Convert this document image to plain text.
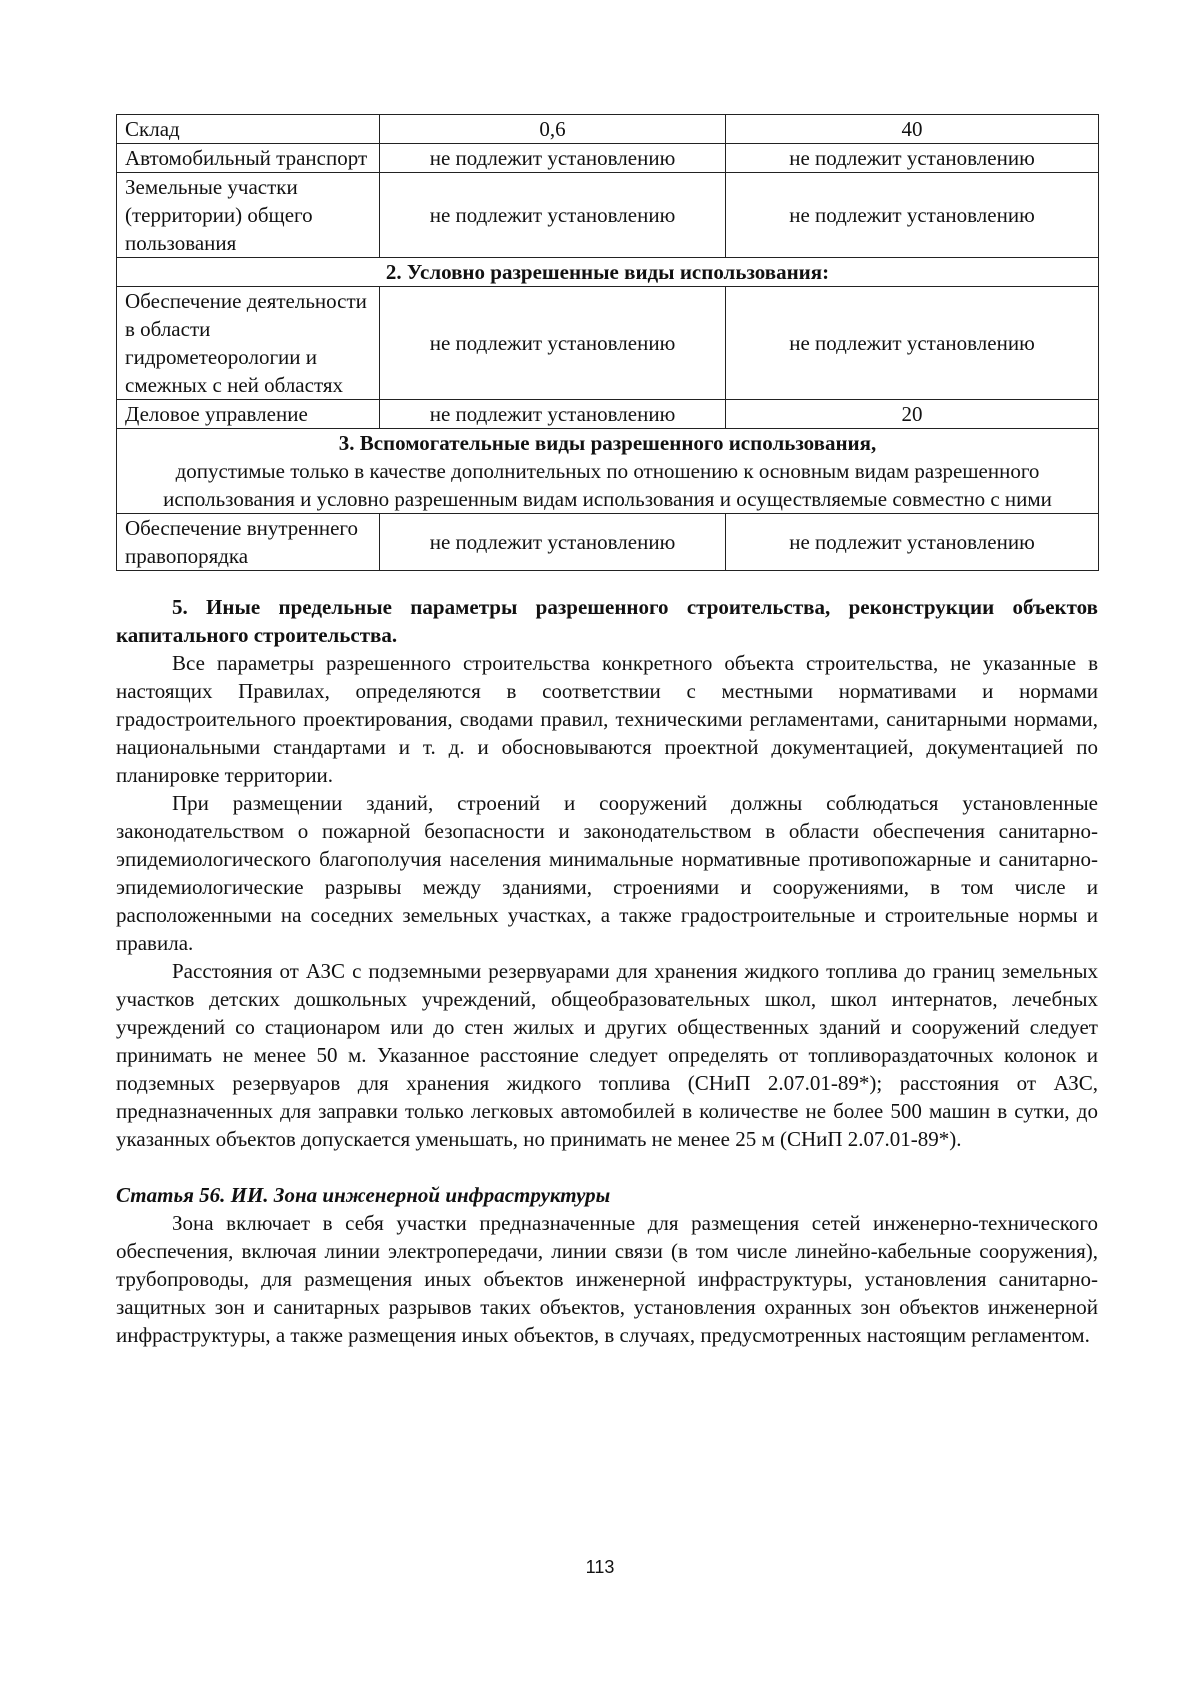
Склад	0,6	40
Автомобильный транспорт	не подлежит установлению	не подлежит установлению
Земельные участки (территории) общего пользования	не подлежит установлению	не подлежит установлению
2. Условно разрешенные виды использования:		
Обеспечение деятельности в области гидрометеорологии и смежных с ней областях	не подлежит установлению	не подлежит установлению
Деловое управление	не подлежит установлению	20

3. Вспомогательные виды разрешенного использования,
допустимые только в качестве дополнительных по отношению к основным видам разрешенного использования и условно разрешенным видам использования и осуществляемые совместно с ними		

Обеспечение внутреннего правопорядка	не подлежит установлению	не подлежит установлению
5. Иные предельные параметры разрешенного строительства, реконструкции объектов капитального строительства.

Все параметры разрешенного строительства конкретного объекта строительства, не указанные в настоящих Правилах, определяются в соответствии с местными нормативами и нормами градостроительного проектирования, сводами правил, техническими регламентами, санитарными нормами, национальными стандартами и т. д. и обосновываются проектной документацией, документацией по планировке территории.

При размещении зданий, строений и сооружений должны соблюдаться установленные законодательством о пожарной безопасности и законодательством в области обеспечения санитарно-эпидемиологического благополучия населения минимальные нормативные противопожарные и санитарно-эпидемиологические разрывы между зданиями, строениями и сооружениями, в том числе и расположенными на соседних земельных участках, а также градостроительные и строительные нормы и правила.

Расстояния от АЗС с подземными резервуарами для хранения жидкого топлива до границ земельных участков детских дошкольных учреждений, общеобразовательных школ, школ интернатов, лечебных учреждений со стационаром или до стен жилых и других общественных зданий и сооружений следует принимать не менее 50 м. Указанное расстояние следует определять от топливораздаточных колонок и подземных резервуаров для хранения жидкого топлива (СНиП 2.07.01-89*); расстояния от АЗС, предназначенных для заправки только легковых автомобилей в количестве не более 500 машин в сутки, до указанных объектов допускается уменьшать, но принимать не менее 25 м (СНиП 2.07.01-89*).

Статья 56. ИИ. Зона инженерной инфраструктуры

Зона включает в себя участки предназначенные для размещения сетей инженерно-технического обеспечения, включая линии электропередачи, линии связи (в том числе линейно-кабельные сооружения), трубопроводы, для размещения иных объектов инженерной инфраструктуры, установления санитарно-защитных зон и санитарных разрывов таких объектов, установления охранных зон объектов инженерной инфраструктуры, а также размещения иных объектов, в случаях, предусмотренных настоящим регламентом.

113
